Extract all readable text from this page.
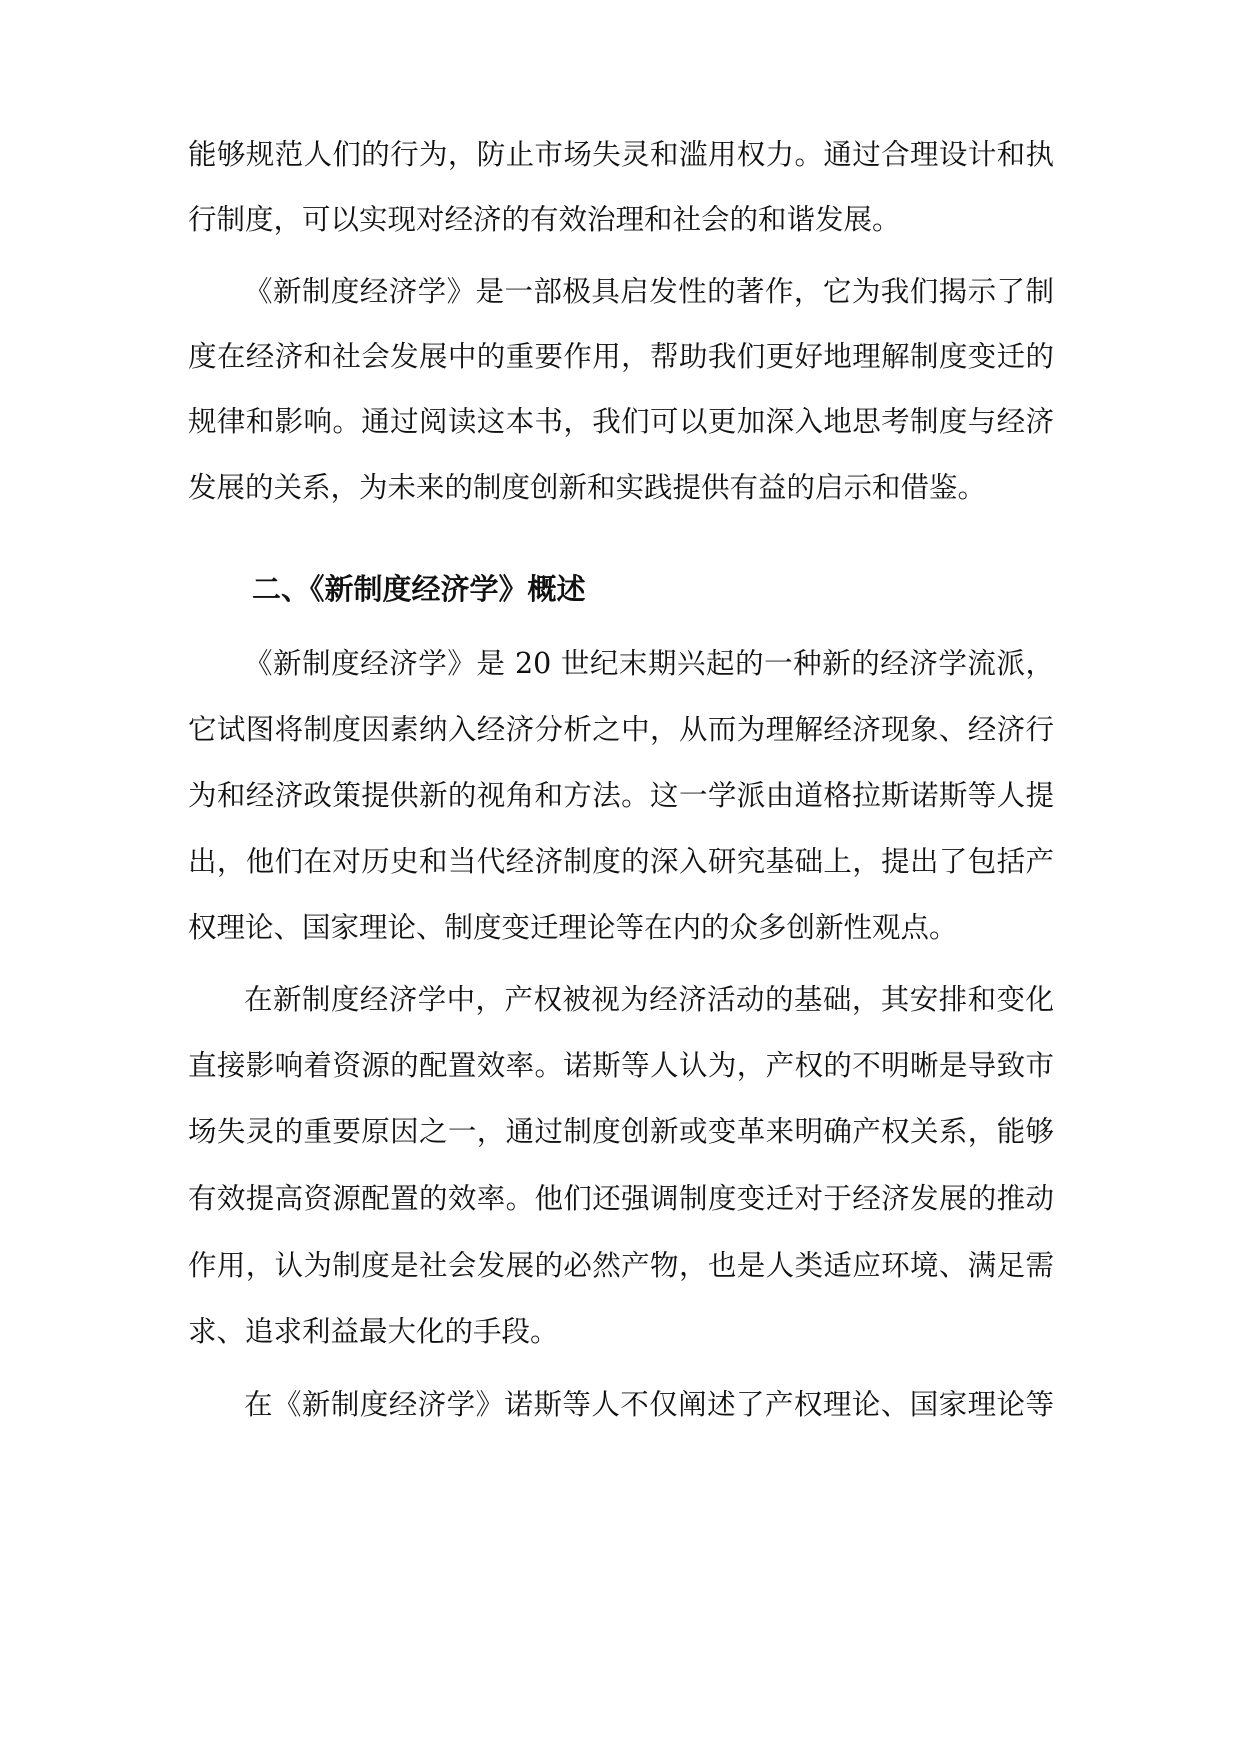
能够规范人们的行为，防止市场失灵和滥用权力。通过合理设计和执
行制度，可以实现对经济的有效治理和社会的和谐发展。
《新制度经济学》是一部极具启发性的著作，它为我们揭示了制
度在经济和社会发展中的重要作用，帮助我们更好地理解制度变迁的
规律和影响。通过阅读这本书，我们可以更加深入地思考制度与经济
发展的关系，为未来的制度创新和实践提供有益的启示和借鉴。
二、《新制度经济学》概述
《新制度经济学》是 20 世纪末期兴起的一种新的经济学流派，
它试图将制度因素纳入经济分析之中，从而为理解经济现象、经济行
为和经济政策提供新的视角和方法。这一学派由道格拉斯诺斯等人提
出，他们在对历史和当代经济制度的深入研究基础上，提出了包括产
权理论、国家理论、制度变迁理论等在内的众多创新性观点。
在新制度经济学中，产权被视为经济活动的基础，其安排和变化
直接影响着资源的配置效率。诺斯等人认为，产权的不明晰是导致市
场失灵的重要原因之一，通过制度创新或变革来明确产权关系，能够
有效提高资源配置的效率。他们还强调制度变迁对于经济发展的推动
作用，认为制度是社会发展的必然产物，也是人类适应环境、满足需
求、追求利益最大化的手段。
在《新制度经济学》诺斯等人不仅阐述了产权理论、国家理论等
